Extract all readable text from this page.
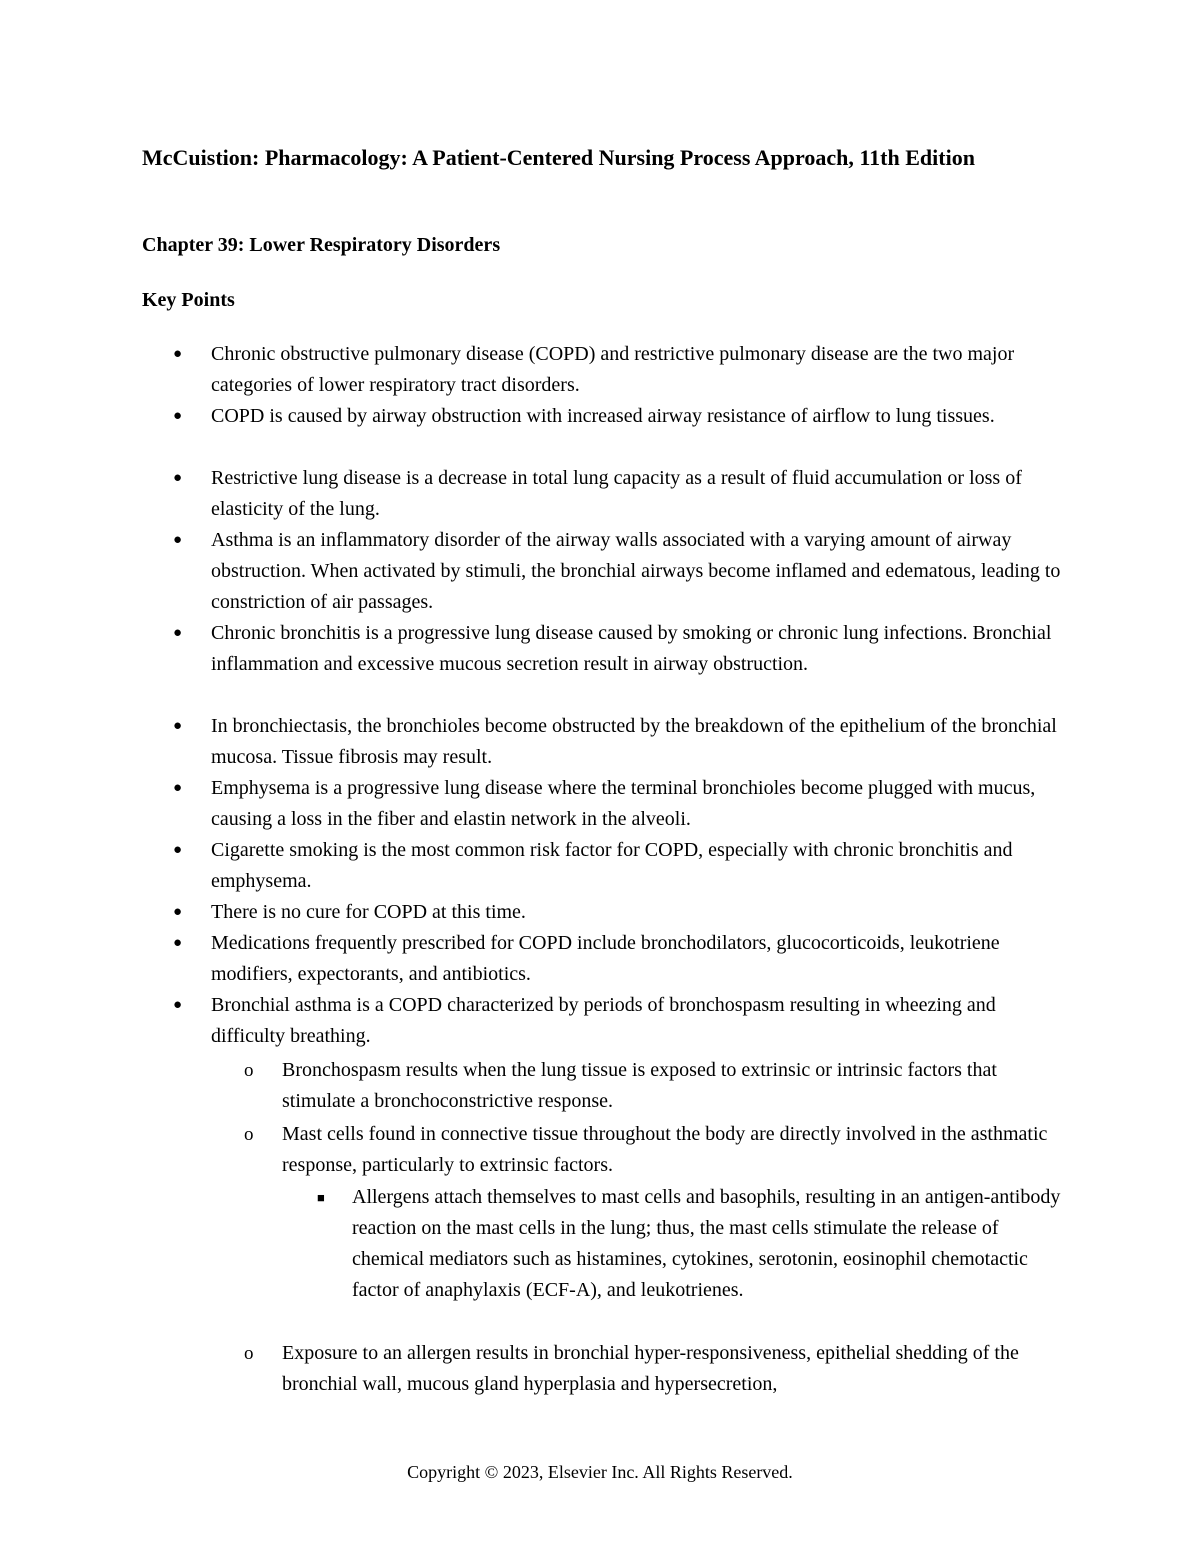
McCuistion: Pharmacology: A Patient-Centered Nursing Process Approach, 11th Edition
Chapter 39: Lower Respiratory Disorders
Key Points
● Chronic obstructive pulmonary disease (COPD) and restrictive pulmonary disease are the two major categories of lower respiratory tract disorders.
● COPD is caused by airway obstruction with increased airway resistance of airflow to lung tissues.
● Restrictive lung disease is a decrease in total lung capacity as a result of fluid accumulation or loss of elasticity of the lung.
● Asthma is an inflammatory disorder of the airway walls associated with a varying amount of airway obstruction. When activated by stimuli, the bronchial airways become inflamed and edematous, leading to constriction of air passages.
● Chronic bronchitis is a progressive lung disease caused by smoking or chronic lung infections. Bronchial inflammation and excessive mucous secretion result in airway obstruction.
● In bronchiectasis, the bronchioles become obstructed by the breakdown of the epithelium of the bronchial mucosa. Tissue fibrosis may result.
● Emphysema is a progressive lung disease where the terminal bronchioles become plugged with mucus, causing a loss in the fiber and elastin network in the alveoli.
● Cigarette smoking is the most common risk factor for COPD, especially with chronic bronchitis and emphysema.
● There is no cure for COPD at this time.
● Medications frequently prescribed for COPD include bronchodilators, glucocorticoids, leukotriene modifiers, expectorants, and antibiotics.
● Bronchial asthma is a COPD characterized by periods of bronchospasm resulting in wheezing and difficulty breathing.
o Bronchospasm results when the lung tissue is exposed to extrinsic or intrinsic factors that stimulate a bronchoconstrictive response.
o Mast cells found in connective tissue throughout the body are directly involved in the asthmatic response, particularly to extrinsic factors.
■ Allergens attach themselves to mast cells and basophils, resulting in an antigen-antibody reaction on the mast cells in the lung; thus, the mast cells stimulate the release of chemical mediators such as histamines, cytokines, serotonin, eosinophil chemotactic factor of anaphylaxis (ECF-A), and leukotrienes.
o Exposure to an allergen results in bronchial hyper-responsiveness, epithelial shedding of the bronchial wall, mucous gland hyperplasia and hypersecretion,
Copyright © 2023, Elsevier Inc. All Rights Reserved.
